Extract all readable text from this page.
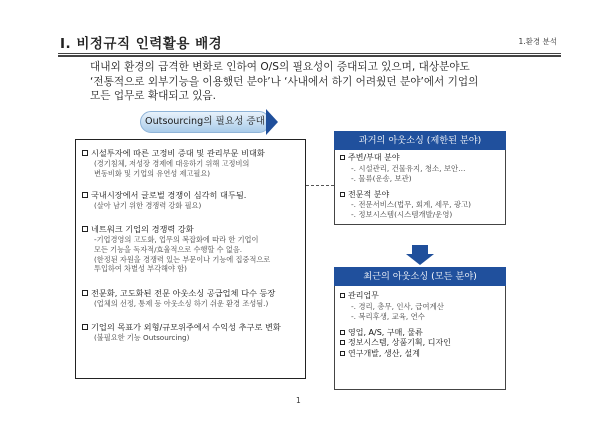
Ⅰ. 비정규직 인력활용 배경	1.환경 분석
대내외 환경의 급격한 변화로 인하여 O/S의 필요성이 증대되고 있으며, 대상분야도
‘전통적으로 외부기능을 이용했던 분야’나 ‘사내에서 하기 어려웠던 분야’에서 기업의
모든 업무로 확대되고 있음.
Outsourcing의 필요성 증대
시설투자에 따른 고정비 증대 및 관리부문 비대화
(경기침체, 저성장 경제에 대응하기 위해 고정비의
변동비화 및 기업의 유연성 제고필요)
국내시장에서 글로벌 경쟁이 심각히 대두됨.
(살아 남기 위한 경쟁력 강화 필요)
네트워크 기업의 경쟁력 강화
-기업경영의 고도화, 업무의 복잡화에 따라 한 기업이
모든 기능을 독자적/효율적으로 수행할 수 없음.
(한정된 자원을 경쟁력 있는 부문이나 기능에 집중적으로
투입하여 차별성 부각해야 함)
전문화, 고도화된 전문 아웃소싱 공급업체 다수 등장
(업체의 선정, 통제 등 아웃소싱 하기 쉬운 환경 조성됨.)
기업의 목표가 외형/규모위주에서 수익성 추구로 변화
(불필요한 기능 Outsourcing)
과거의 아웃소싱 (제한된 분야)
주변/부대 분야
-. 시설관리, 건물유지, 청소, 보안…
-. 물류(운송, 보관)
전문적 분야
-. 전문서비스(법무, 회계, 세무, 광고)
-. 정보시스템(시스템개발/운영)
최근의 아웃소싱 (모든 분야)
관리업무
-. 경리, 총무, 인사, 급여계산
-. 복리후생, 교육, 연수
영업, A/S, 구매, 물류
정보시스템, 상품기획, 디자인
연구개발, 생산, 설계
1
